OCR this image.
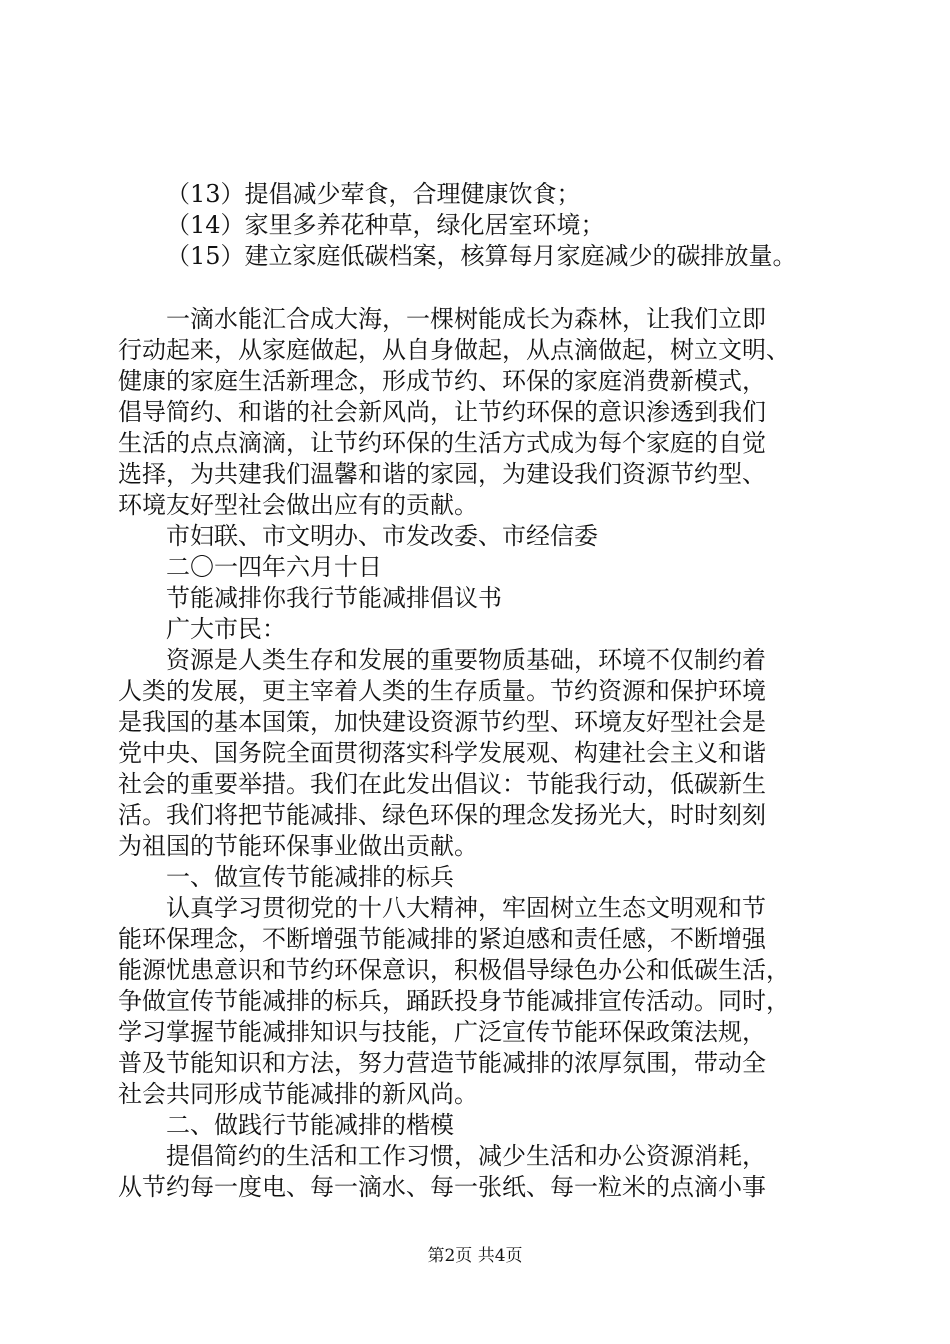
（13）提倡减少荤食，合理健康饮食；
（14）家里多养花种草，绿化居室环境；
（15）建立家庭低碳档案，核算每月家庭减少的碳排放量。
一滴水能汇合成大海，一棵树能成长为森林，让我们立即
行动起来，从家庭做起，从自身做起，从点滴做起，树立文明、
健康的家庭生活新理念，形成节约、环保的家庭消费新模式，
倡导简约、和谐的社会新风尚，让节约环保的意识渗透到我们
生活的点点滴滴，让节约环保的生活方式成为每个家庭的自觉
选择，为共建我们温馨和谐的家园，为建设我们资源节约型、
环境友好型社会做出应有的贡献。
市妇联、市文明办、市发改委、市经信委
二〇一四年六月十日
节能减排你我行节能减排倡议书
广大市民：
资源是人类生存和发展的重要物质基础，环境不仅制约着
人类的发展，更主宰着人类的生存质量。节约资源和保护环境
是我国的基本国策，加快建设资源节约型、环境友好型社会是
党中央、国务院全面贯彻落实科学发展观、构建社会主义和谐
社会的重要举措。我们在此发出倡议：节能我行动，低碳新生
活。我们将把节能减排、绿色环保的理念发扬光大，时时刻刻
为祖国的节能环保事业做出贡献。
一、做宣传节能减排的标兵
认真学习贯彻党的十八大精神，牢固树立生态文明观和节
能环保理念，不断增强节能减排的紧迫感和责任感，不断增强
能源忧患意识和节约环保意识，积极倡导绿色办公和低碳生活，
争做宣传节能减排的标兵，踊跃投身节能减排宣传活动。同时，
学习掌握节能减排知识与技能，广泛宣传节能环保政策法规，
普及节能知识和方法，努力营造节能减排的浓厚氛围，带动全
社会共同形成节能减排的新风尚。
二、做践行节能减排的楷模
提倡简约的生活和工作习惯，减少生活和办公资源消耗，
从节约每一度电、每一滴水、每一张纸、每一粒米的点滴小事
第2页 共4页
